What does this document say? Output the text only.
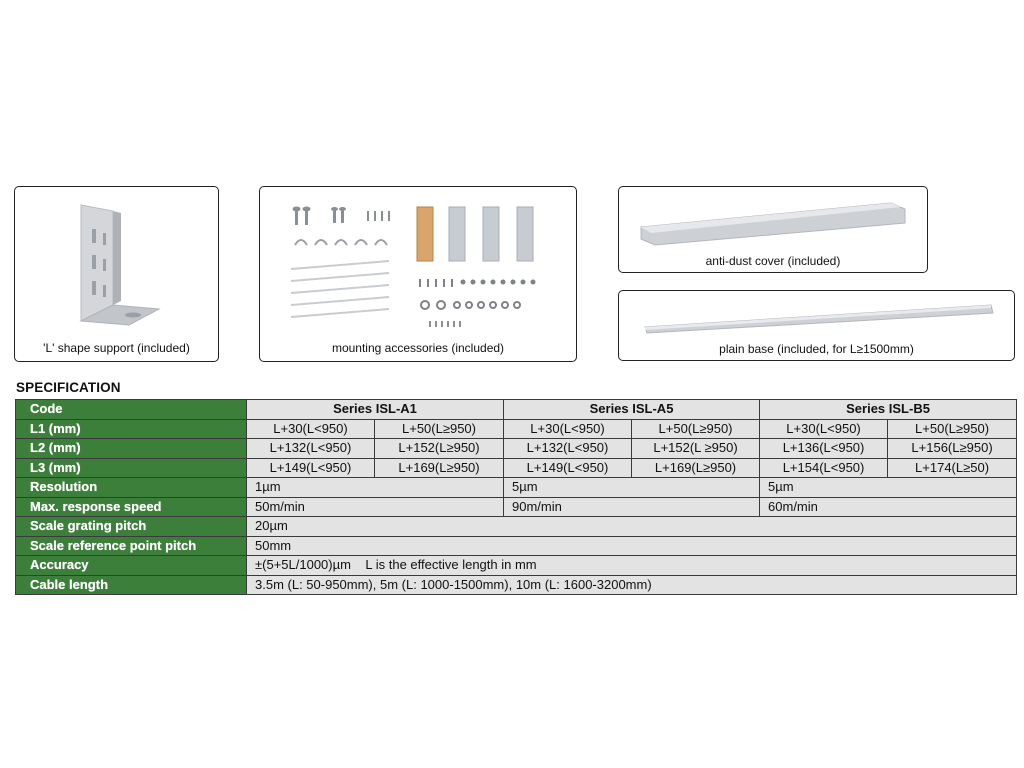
'L' shape support (included)	mounting accessories (included)
anti-dust cover (included)
plain base (included, for L≥1500mm)
SPECIFICATION
Code	Series ISL-A1		Series ISL-A5		Series ISL-B5	
L1 (mm)	L+30(L<950)	L+50(L≥950)	L+30(L<950)	L+50(L≥950)	L+30(L<950)	L+50(L≥950)
L2 (mm)	L+132(L<950)	L+152(L≥950)	L+132(L<950)	L+152(L ≥950)	L+136(L<950)	L+156(L≥950)
L3 (mm)	L+149(L<950)	L+169(L≥950)	L+149(L<950)	L+169(L≥950)	L+154(L<950)	L+174(L≥50)
Resolution	1µm		5µm		5µm	
Max. response speed	50m/min		90m/min		60m/min	
Scale grating pitch	20µm					
Scale reference point pitch	50mm					
Accuracy	±(5+5L/1000)µm    L is the effective length in mm					
Cable length	3.5m (L: 50-950mm), 5m (L: 1000-1500mm), 10m (L: 1600-3200mm)					
